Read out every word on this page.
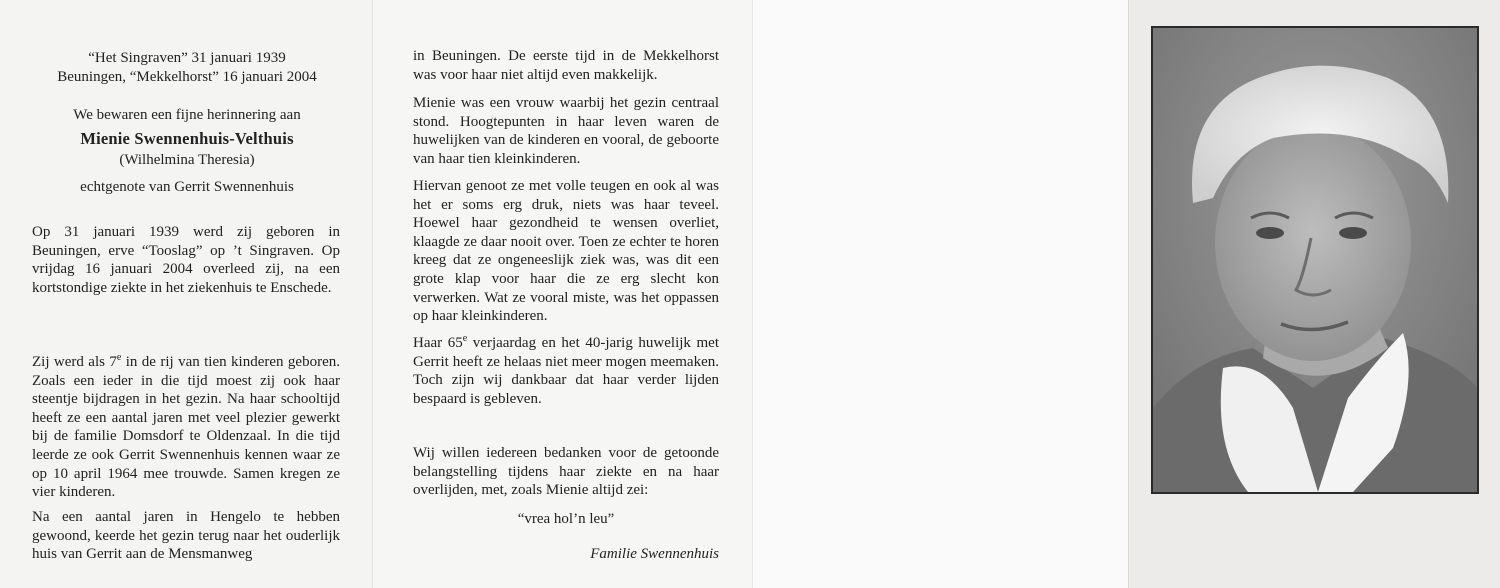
“Het Singraven” 31 januari 1939
Beuningen, “Mekkelhorst” 16 januari 2004
We bewaren een fijne herinnering aan
Mienie Swennenhuis-Velthuis
(Wilhelmina Theresia)
echtgenote van Gerrit Swennenhuis

Op 31 januari 1939 werd zij geboren in Beuningen, erve “Tooslag” op ’t Singraven. Op vrijdag 16 januari 2004 overleed zij, na een kortstondige ziekte in het ziekenhuis te Enschede.

Zij werd als 7e in de rij van tien kinderen geboren. Zoals een ieder in die tijd moest zij ook haar steentje bijdragen in het gezin. Na haar schooltijd heeft ze een aantal jaren met veel plezier gewerkt bij de familie Domsdorf te Oldenzaal. In die tijd leerde ze ook Gerrit Swennenhuis kennen waar ze op 10 april 1964 mee trouwde. Samen kregen ze vier kinderen.

Na een aantal jaren in Hengelo te hebben gewoond, keerde het gezin terug naar het ouderlijk huis van Gerrit aan de Mensmanweg

in Beuningen. De eerste tijd in de Mekkelhorst was voor haar niet altijd even makkelijk.

Mienie was een vrouw waarbij het gezin centraal stond. Hoogtepunten in haar leven waren de huwelijken van de kinderen en vooral, de geboorte van haar tien kleinkinderen.

Hiervan genoot ze met volle teugen en ook al was het er soms erg druk, niets was haar teveel. Hoewel haar gezondheid te wensen overliet, klaagde ze daar nooit over. Toen ze echter te horen kreeg dat ze ongeneeslijk ziek was, was dit een grote klap voor haar die ze erg slecht kon verwerken. Wat ze vooral miste, was het oppassen op haar kleinkinderen.

Haar 65e verjaardag en het 40-jarig huwelijk met Gerrit heeft ze helaas niet meer mogen meemaken. Toch zijn wij dankbaar dat haar verder lijden bespaard is gebleven.

Wij willen iedereen bedanken voor de getoonde belangstelling tijdens haar ziekte en na haar overlijden, met, zoals Mienie altijd zei:

“vrea hol’n leu”
Familie Swennenhuis
